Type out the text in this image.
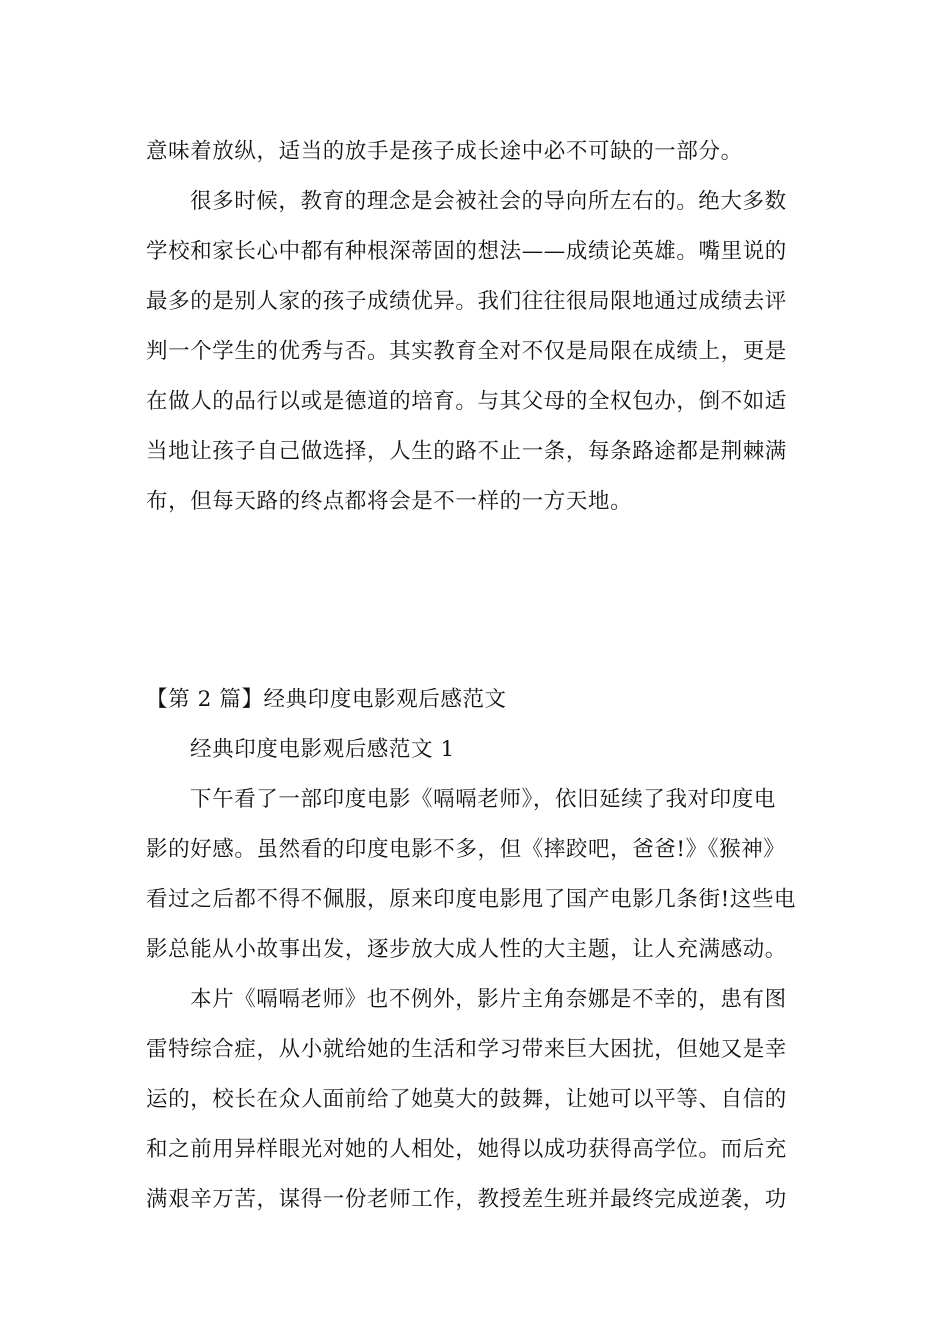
意味着放纵，适当的放手是孩子成长途中必不可缺的一部分。
很多时候，教育的理念是会被社会的导向所左右的。绝大多数
学校和家长心中都有种根深蒂固的想法——成绩论英雄。嘴里说的
最多的是别人家的孩子成绩优异。我们往往很局限地通过成绩去评
判一个学生的优秀与否。其实教育全对不仅是局限在成绩上，更是
在做人的品行以或是德道的培育。与其父母的全权包办，倒不如适
当地让孩子自己做选择，人生的路不止一条，每条路途都是荆棘满
布，但每天路的终点都将会是不一样的一方天地。
【第 2 篇】经典印度电影观后感范文
经典印度电影观后感范文 1
下午看了一部印度电影《嗝嗝老师》，依旧延续了我对印度电
影的好感。虽然看的印度电影不多，但《摔跤吧，爸爸!》《猴神》
看过之后都不得不佩服，原来印度电影甩了国产电影几条街!这些电
影总能从小故事出发，逐步放大成人性的大主题，让人充满感动。
本片《嗝嗝老师》也不例外，影片主角奈娜是不幸的，患有图
雷特综合症，从小就给她的生活和学习带来巨大困扰，但她又是幸
运的，校长在众人面前给了她莫大的鼓舞，让她可以平等、自信的
和之前用异样眼光对她的人相处，她得以成功获得高学位。而后充
满艰辛万苦，谋得一份老师工作，教授差生班并最终完成逆袭，功
